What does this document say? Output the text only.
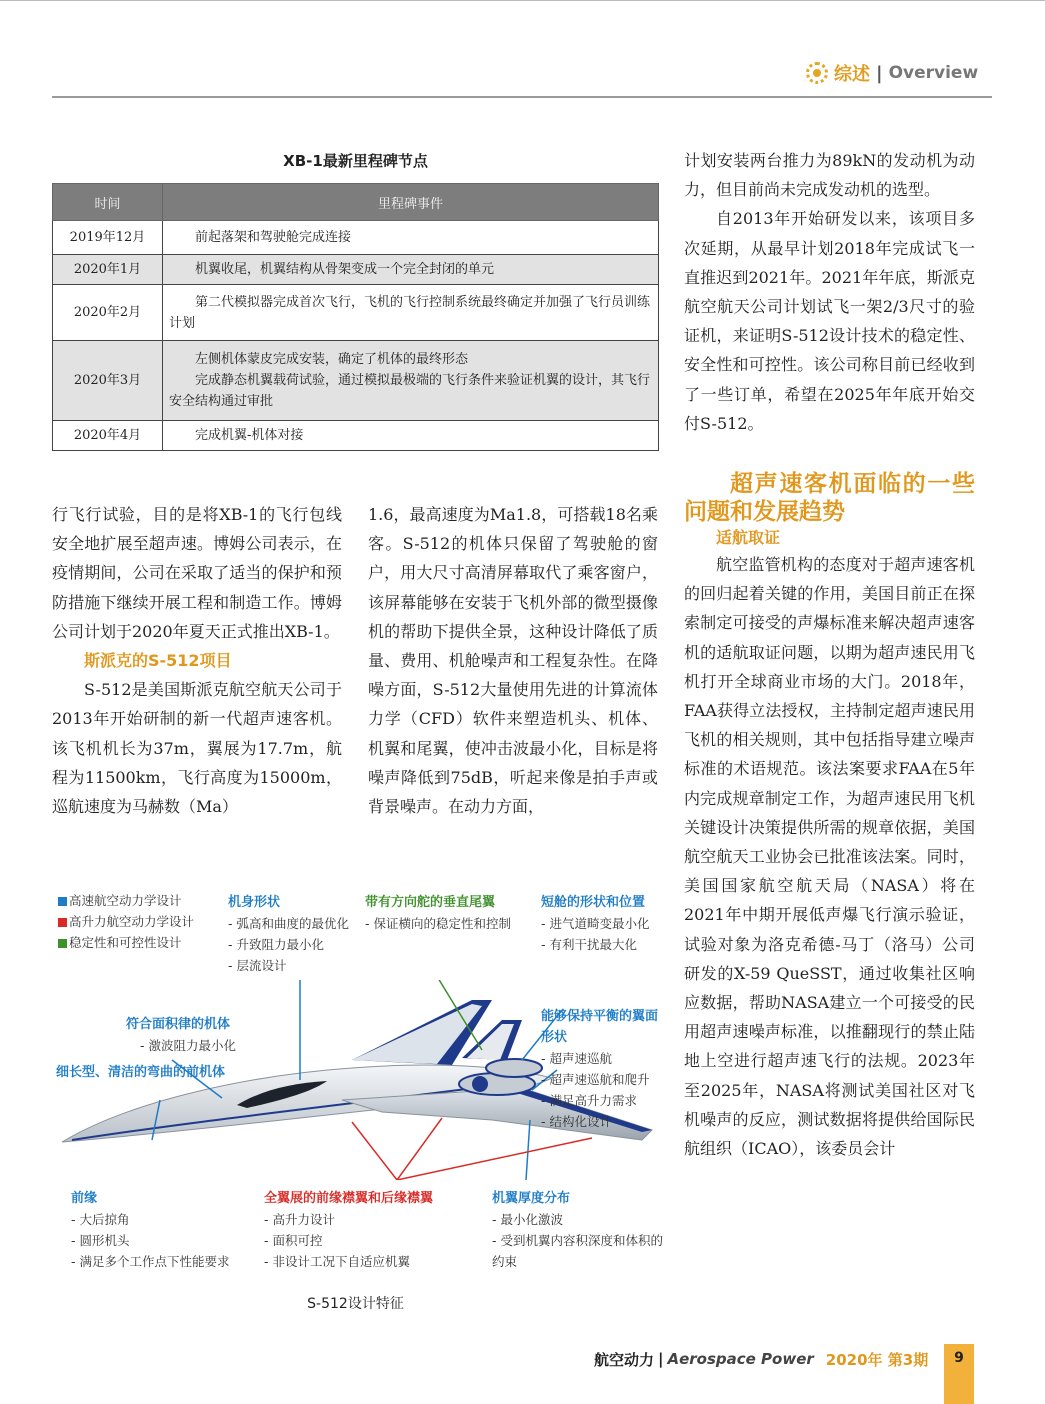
综述 | Overview
XB-1最新里程碑节点
时间	里程碑事件
2019年12月	前起落架和驾驶舱完成连接

2020年1月	机翼收尾，机翼结构从骨架变成一个完全封闭的单元

2020年2月	第二代模拟器完成首次飞行，飞机的飞行控制系统最终确定并加强了飞行员训练计划

2020年3月	左侧机体蒙皮完成安装，确定了机体的最终形态

完成静态机翼载荷试验，通过模拟最极端的飞行条件来验证机翼的设计，其飞行安全结构通过审批

2020年4月	完成机翼-机体对接

行飞行试验，目的是将XB-1的飞行包线安全地扩展至超声速。博姆公司表示，在疫情期间，公司在采取了适当的保护和预防措施下继续开展工程和制造工作。博姆公司计划于2020年夏天正式推出XB-1。

斯派克的S-512项目

S-512是美国斯派克航空航天公司于2013年开始研制的新一代超声速客机。该飞机机长为37m，翼展为17.7m，航程为11500km，飞行高度为15000m，巡航速度为马赫数（Ma）

1.6，最高速度为Ma1.8，可搭载18名乘客。S-512的机体只保留了驾驶舱的窗户，用大尺寸高清屏幕取代了乘客窗户，该屏幕能够在安装于飞机外部的微型摄像机的帮助下提供全景，这种设计降低了质量、费用、机舱噪声和工程复杂性。在降噪方面，S-512大量使用先进的计算流体力学（CFD）软件来塑造机头、机体、机翼和尾翼，使冲击波最小化，目标是将噪声降低到75dB，听起来像是拍手声或背景噪声。在动力方面，

计划安装两台推力为89kN的发动机为动力，但目前尚未完成发动机的选型。

自2013年开始研发以来，该项目多次延期，从最早计划2018年完成试飞一直推迟到2021年。2021年年底，斯派克航空航天公司计划试飞一架2/3尺寸的验证机，来证明S-512设计技术的稳定性、安全性和可控性。该公司称目前已经收到了一些订单，希望在2025年年底开始交付S-512。

超声速客机面临的一些问题和发展趋势

适航取证

航空监管机构的态度对于超声速客机的回归起着关键的作用，美国目前正在探索制定可接受的声爆标准来解决超声速客机的适航取证问题，以期为超声速民用飞机打开全球商业市场的大门。2018年，FAA获得立法授权，主持制定超声速民用飞机的相关规则，其中包括指导建立噪声标准的术语规范。该法案要求FAA在5年内完成规章制定工作，为超声速民用飞机关键设计决策提供所需的规章依据，美国航空航天工业协会已批准该法案。同时，美国国家航空航天局（NASA）将在2021年中期开展低声爆飞行演示验证，试验对象为洛克希德-马丁（洛马）公司研发的X-59 QueSST，通过收集社区响应数据，帮助NASA建立一个可接受的民用超声速噪声标准，以推翻现行的禁止陆地上空进行超声速飞行的法规。2023年至2025年，NASA将测试美国社区对飞机噪声的反应，测试数据将提供给国际民航组织（ICAO），该委员会计

高速航空动力学设计
高升力航空动力学设计
稳定性和可控性设计
机身形状
- 弧高和曲度的最优化
- 升致阻力最小化
- 层流设计
带有方向舵的垂直尾翼
- 保证横向的稳定性和控制
短舱的形状和位置
- 进气道畸变最小化
- 有利干扰最大化
符合面积律的机体
- 激波阻力最小化
细长型、清洁的弯曲的前机体
能够保持平衡的翼面形状
- 超声速巡航
- 超声速巡航和爬升
- 满足高升力需求
- 结构化设计
前缘
- 大后掠角
- 圆形机头
- 满足多个工作点下性能要求
全翼展的前缘襟翼和后缘襟翼
- 高升力设计
- 面积可控
- 非设计工况下自适应机翼
机翼厚度分布
- 最小化激波
- 受到机翼内容积深度和体积的约束
S-512设计特征
航空动力 | Aerospace Power 2020年 第3期	9
